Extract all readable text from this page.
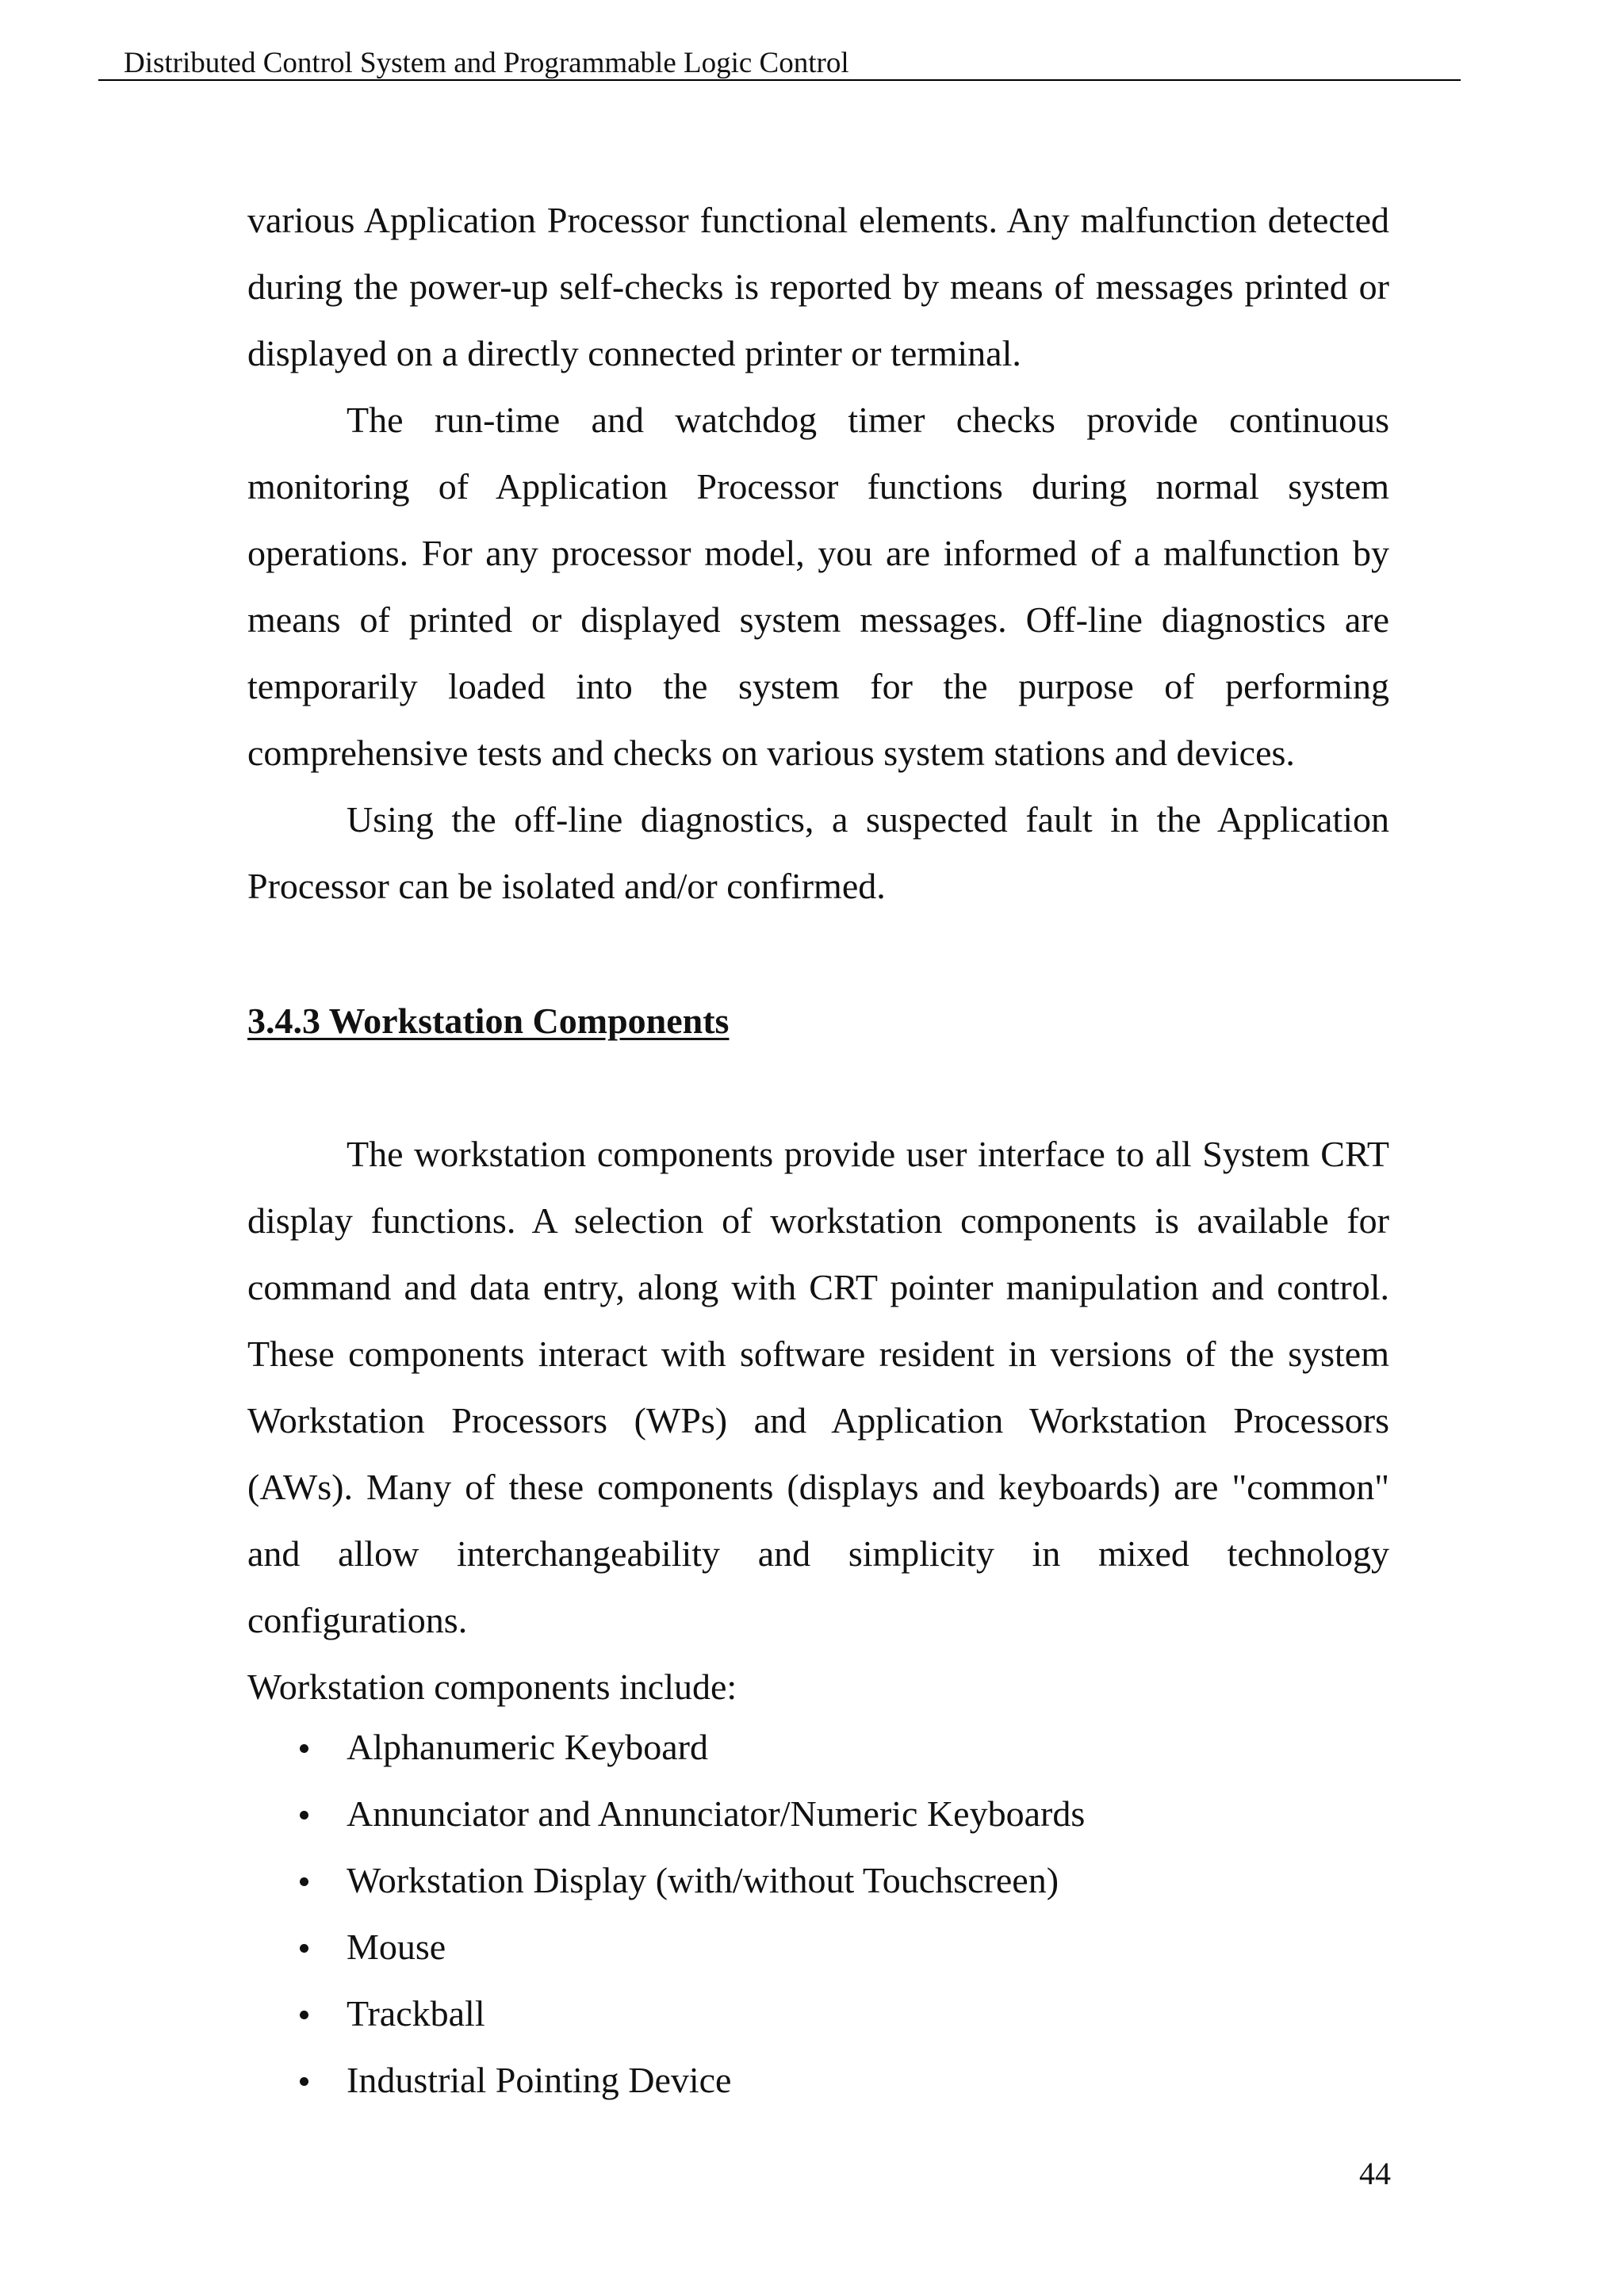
Distributed Control System and Programmable Logic Control

various Application Processor functional elements. Any malfunction detected during the power-up self-checks is reported by means of messages printed or displayed on a directly connected printer or terminal.

The run-time and watchdog timer checks provide continuous monitoring of Application Processor functions during normal system operations. For any processor model, you are informed of a malfunction by means of printed or displayed system messages. Off-line diagnostics are temporarily loaded into the system for the purpose of performing comprehensive tests and checks on various system stations and devices.

Using the off-line diagnostics, a suspected fault in the Application Processor can be isolated and/or confirmed.

3.4.3 Workstation Components

The workstation components provide user interface to all System CRT display functions. A selection of workstation components is available for command and data entry, along with CRT pointer manipulation and control. These components interact with software resident in versions of the system Workstation Processors (WPs) and Application Workstation Processors (AWs). Many of these components (displays and keyboards) are "common" and allow interchangeability and simplicity in mixed technology configurations.

Workstation components include:

Alphanumeric Keyboard
Annunciator and Annunciator/Numeric Keyboards
Workstation Display (with/without Touchscreen)
Mouse
Trackball
Industrial Pointing Device
44
